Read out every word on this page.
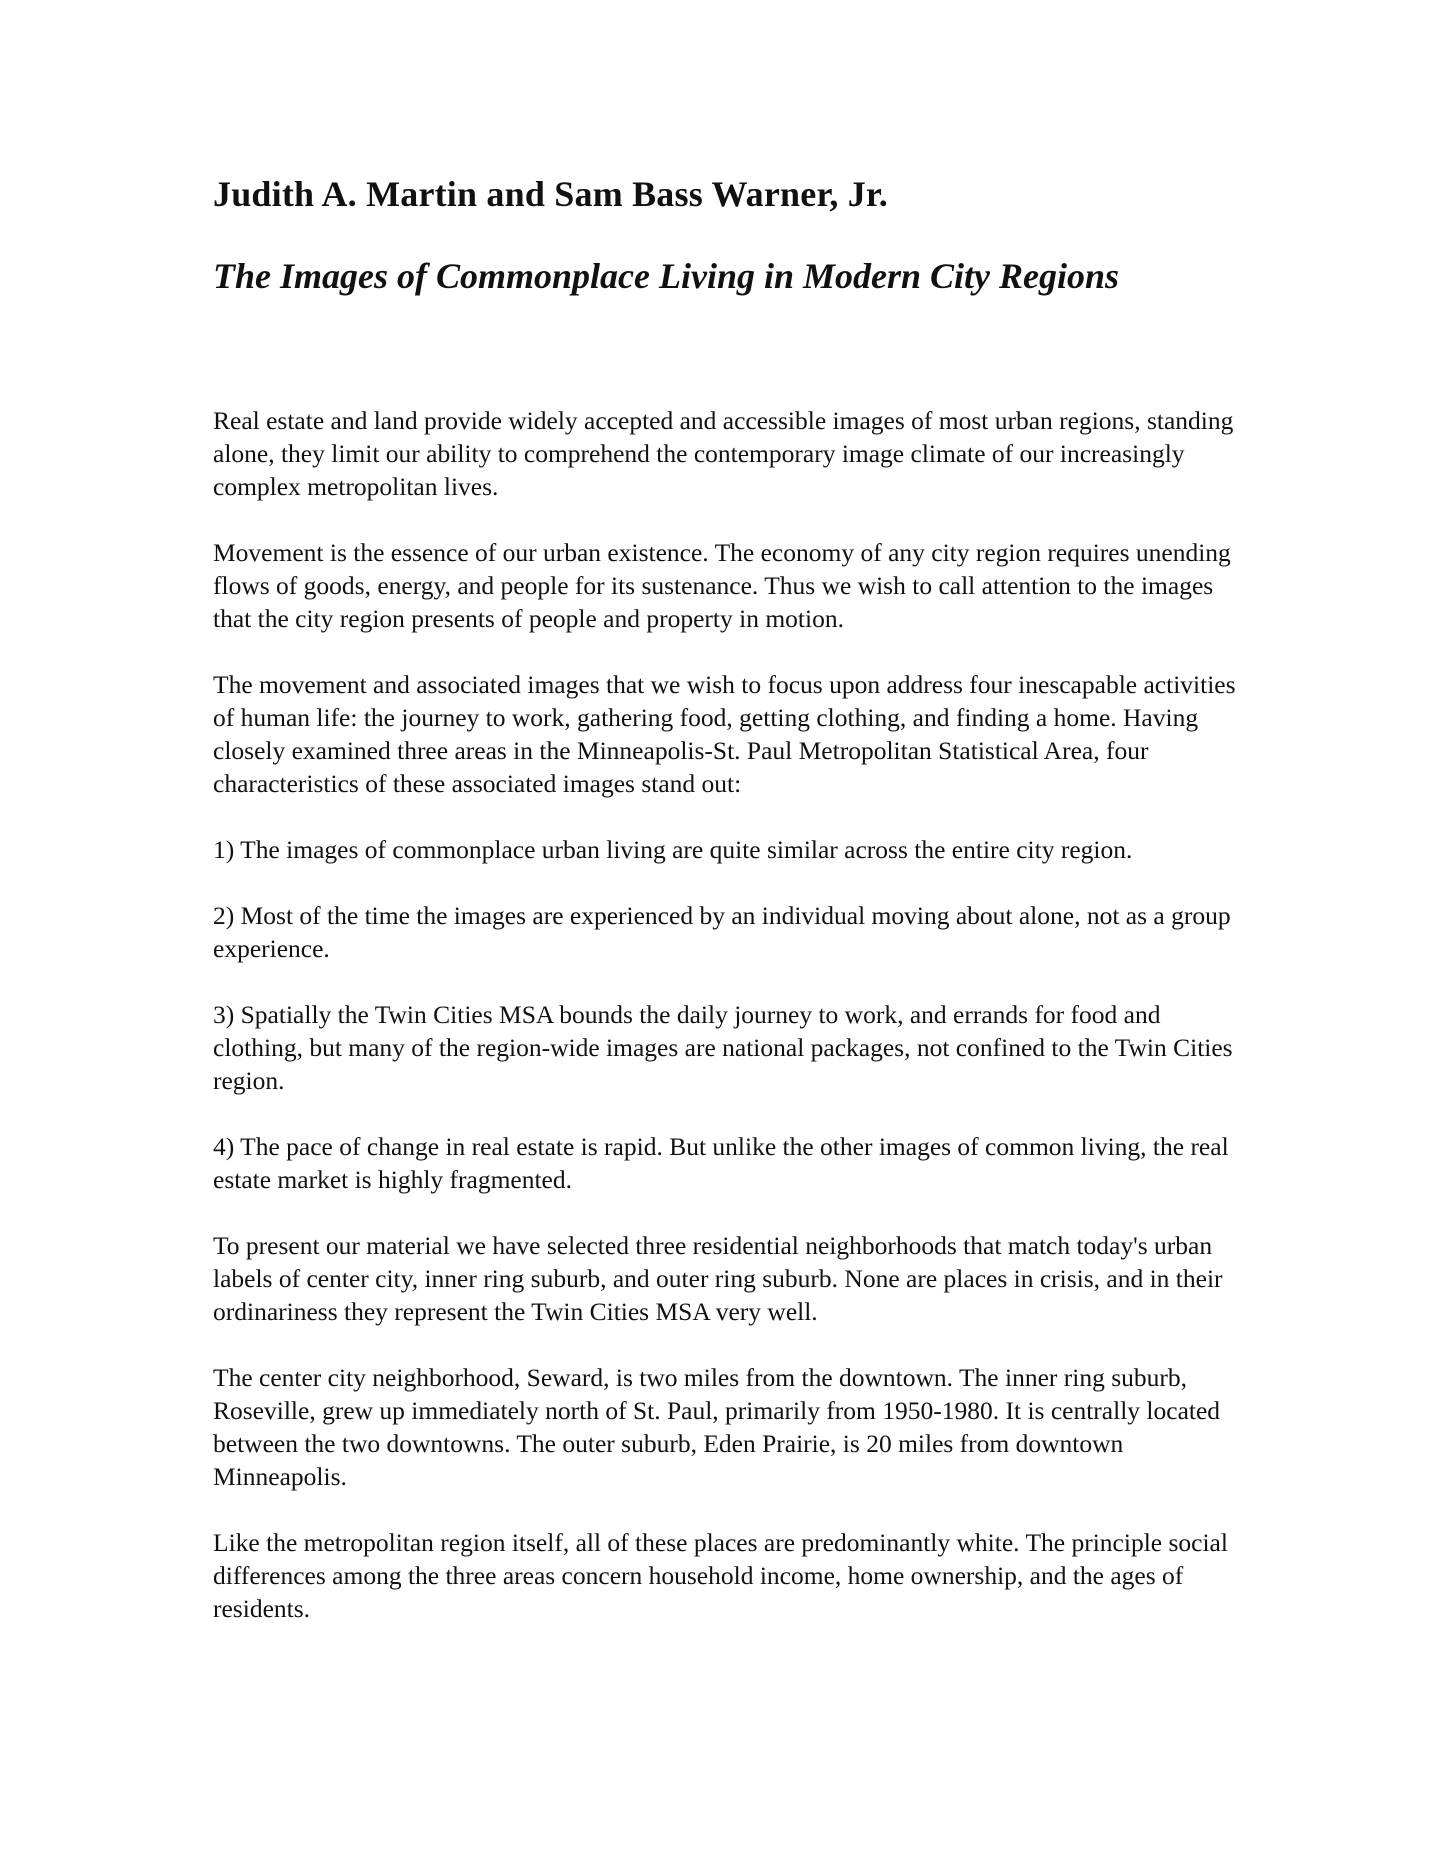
Judith A. Martin and Sam Bass Warner, Jr.
The Images of Commonplace Living in Modern City Regions

Real estate and land provide widely accepted and accessible images of most urban regions, standing alone, they limit our ability to comprehend the contemporary image climate of our increasingly complex metropolitan lives.

Movement is the essence of our urban existence. The economy of any city region requires unending flows of goods, energy, and people for its sustenance. Thus we wish to call attention to the images that the city region presents of people and property in motion.

The movement and associated images that we wish to focus upon address four inescapable activities of human life: the journey to work, gathering food, getting clothing, and finding a home. Having closely examined three areas in the Minneapolis-St. Paul Metropolitan Statistical Area, four characteristics of these associated images stand out:

1) The images of commonplace urban living are quite similar across the entire city region.

2) Most of the time the images are experienced by an individual moving about alone, not as a group experience.

3) Spatially the Twin Cities MSA bounds the daily journey to work, and errands for food and clothing, but many of the region-wide images are national packages, not confined to the Twin Cities region.

4) The pace of change in real estate is rapid. But unlike the other images of common living, the real estate market is highly fragmented.

To present our material we have selected three residential neighborhoods that match today's urban labels of center city, inner ring suburb, and outer ring suburb. None are places in crisis, and in their ordinariness they represent the Twin Cities MSA very well.

The center city neighborhood, Seward, is two miles from the downtown. The inner ring suburb, Roseville, grew up immediately north of St. Paul, primarily from 1950-1980. It is centrally located between the two downtowns. The outer suburb, Eden Prairie, is 20 miles from downtown Minneapolis.

Like the metropolitan region itself, all of these places are predominantly white. The principle social differences among the three areas concern household income, home ownership, and the ages of residents.
